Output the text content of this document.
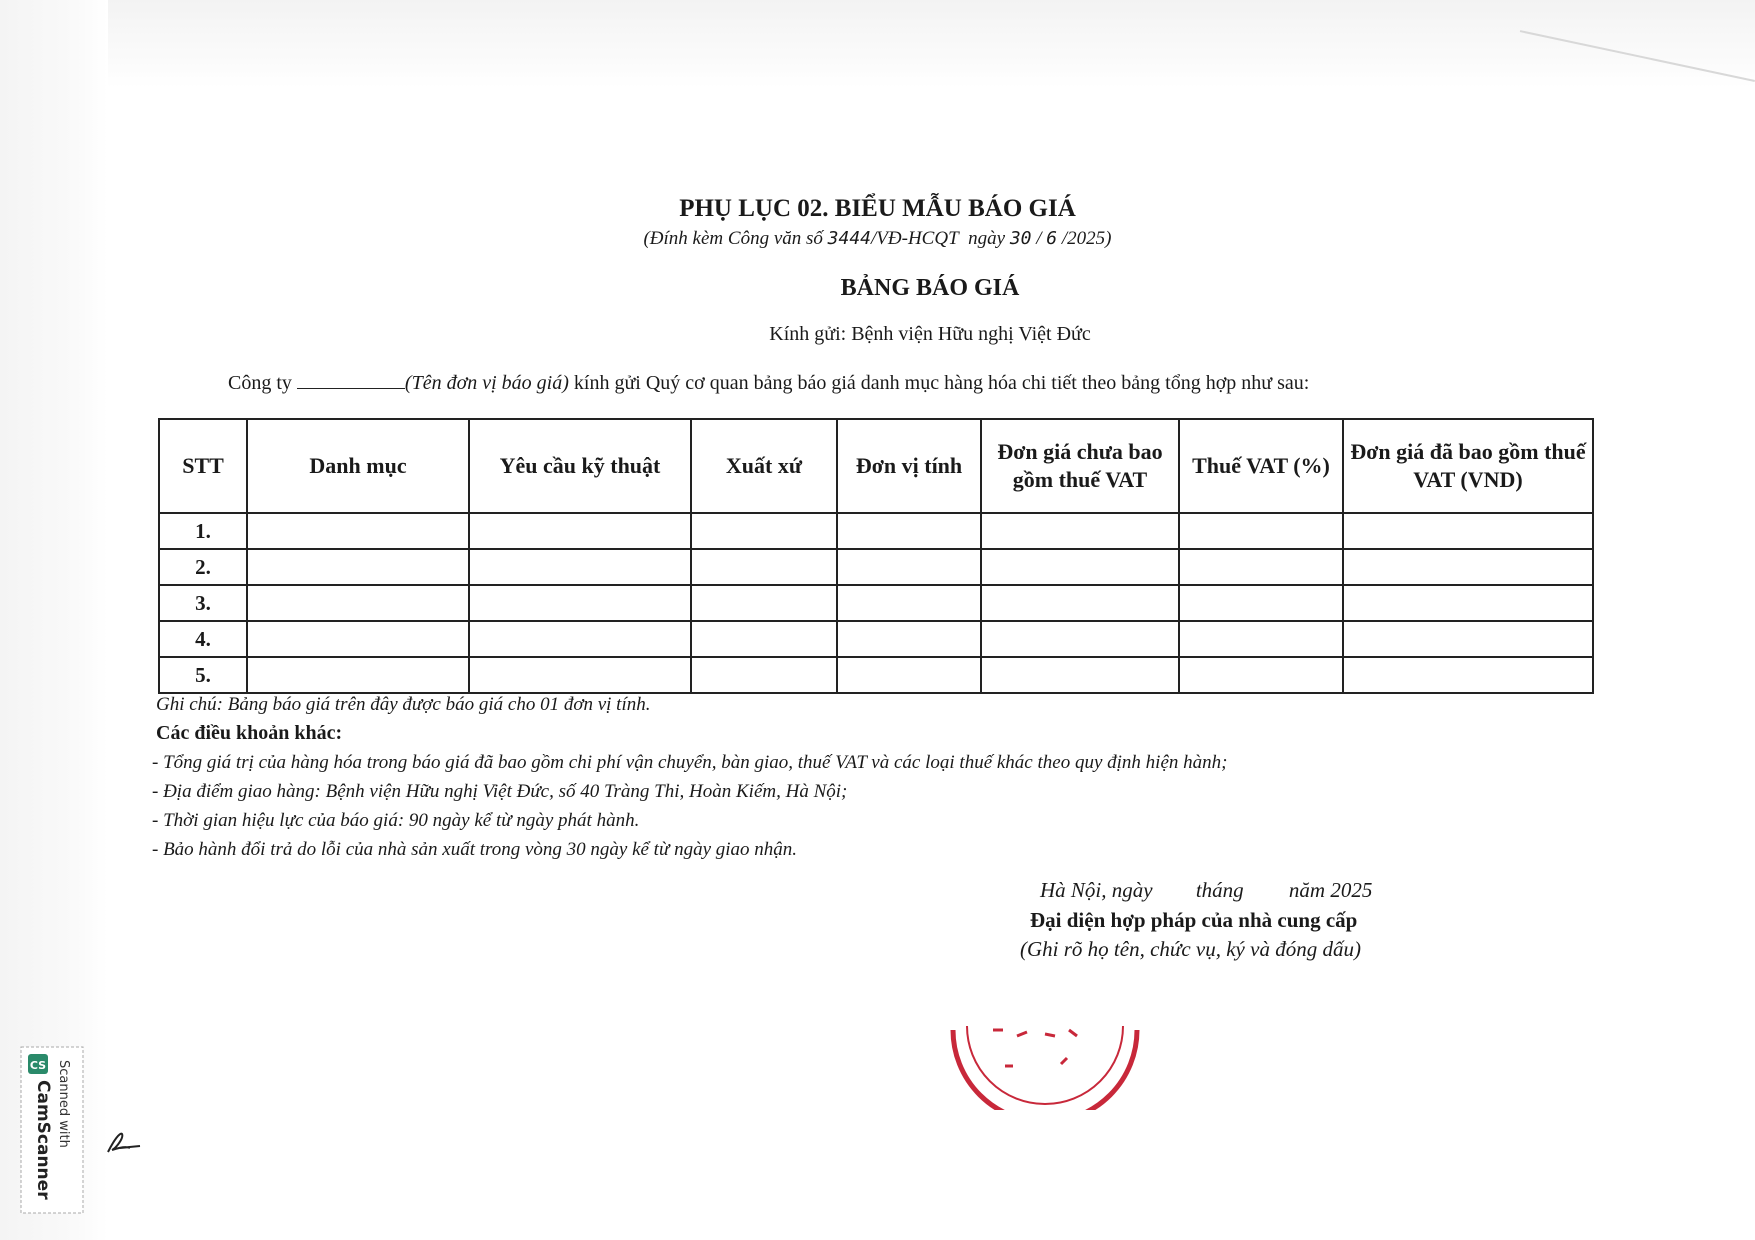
PHỤ LỤC 02. BIỂU MẪU BÁO GIÁ
(Đính kèm Công văn số 3444/VĐ-HCQT ngày 30 / 6 /2025)
BẢNG BÁO GIÁ
Kính gửi: Bệnh viện Hữu nghị Việt Đức
Công ty	(Tên đơn vị báo giá) kính gửi Quý cơ quan bảng báo giá danh mục hàng hóa chi tiết theo bảng tổng hợp như sau:
STT	Danh mục	Yêu cầu kỹ thuật	Xuất xứ	Đơn vị tính	Đơn giá chưa bao gồm thuế VAT	Thuế VAT (%)	Đơn giá đã bao gồm thuế VAT (VND)
1.							
2.							
3.							
4.							
5.							
Ghi chú: Bảng báo giá trên đây được báo giá cho 01 đơn vị tính.
Các điều khoản khác:
- Tổng giá trị của hàng hóa trong báo giá đã bao gồm chi phí vận chuyển, bàn giao, thuế VAT và các loại thuế khác theo quy định hiện hành;
- Địa điểm giao hàng: Bệnh viện Hữu nghị Việt Đức, số 40 Tràng Thi, Hoàn Kiếm, Hà Nội;
- Thời gian hiệu lực của báo giá: 90 ngày kể từ ngày phát hành.
- Bảo hành đổi trả do lỗi của nhà sản xuất trong vòng 30 ngày kể từ ngày giao nhận.
Hà Nội, ngày tháng năm 2025
Đại diện hợp pháp của nhà cung cấp
(Ghi rõ họ tên, chức vụ, ký và đóng dấu)
CS
CamScanner Scanned with
